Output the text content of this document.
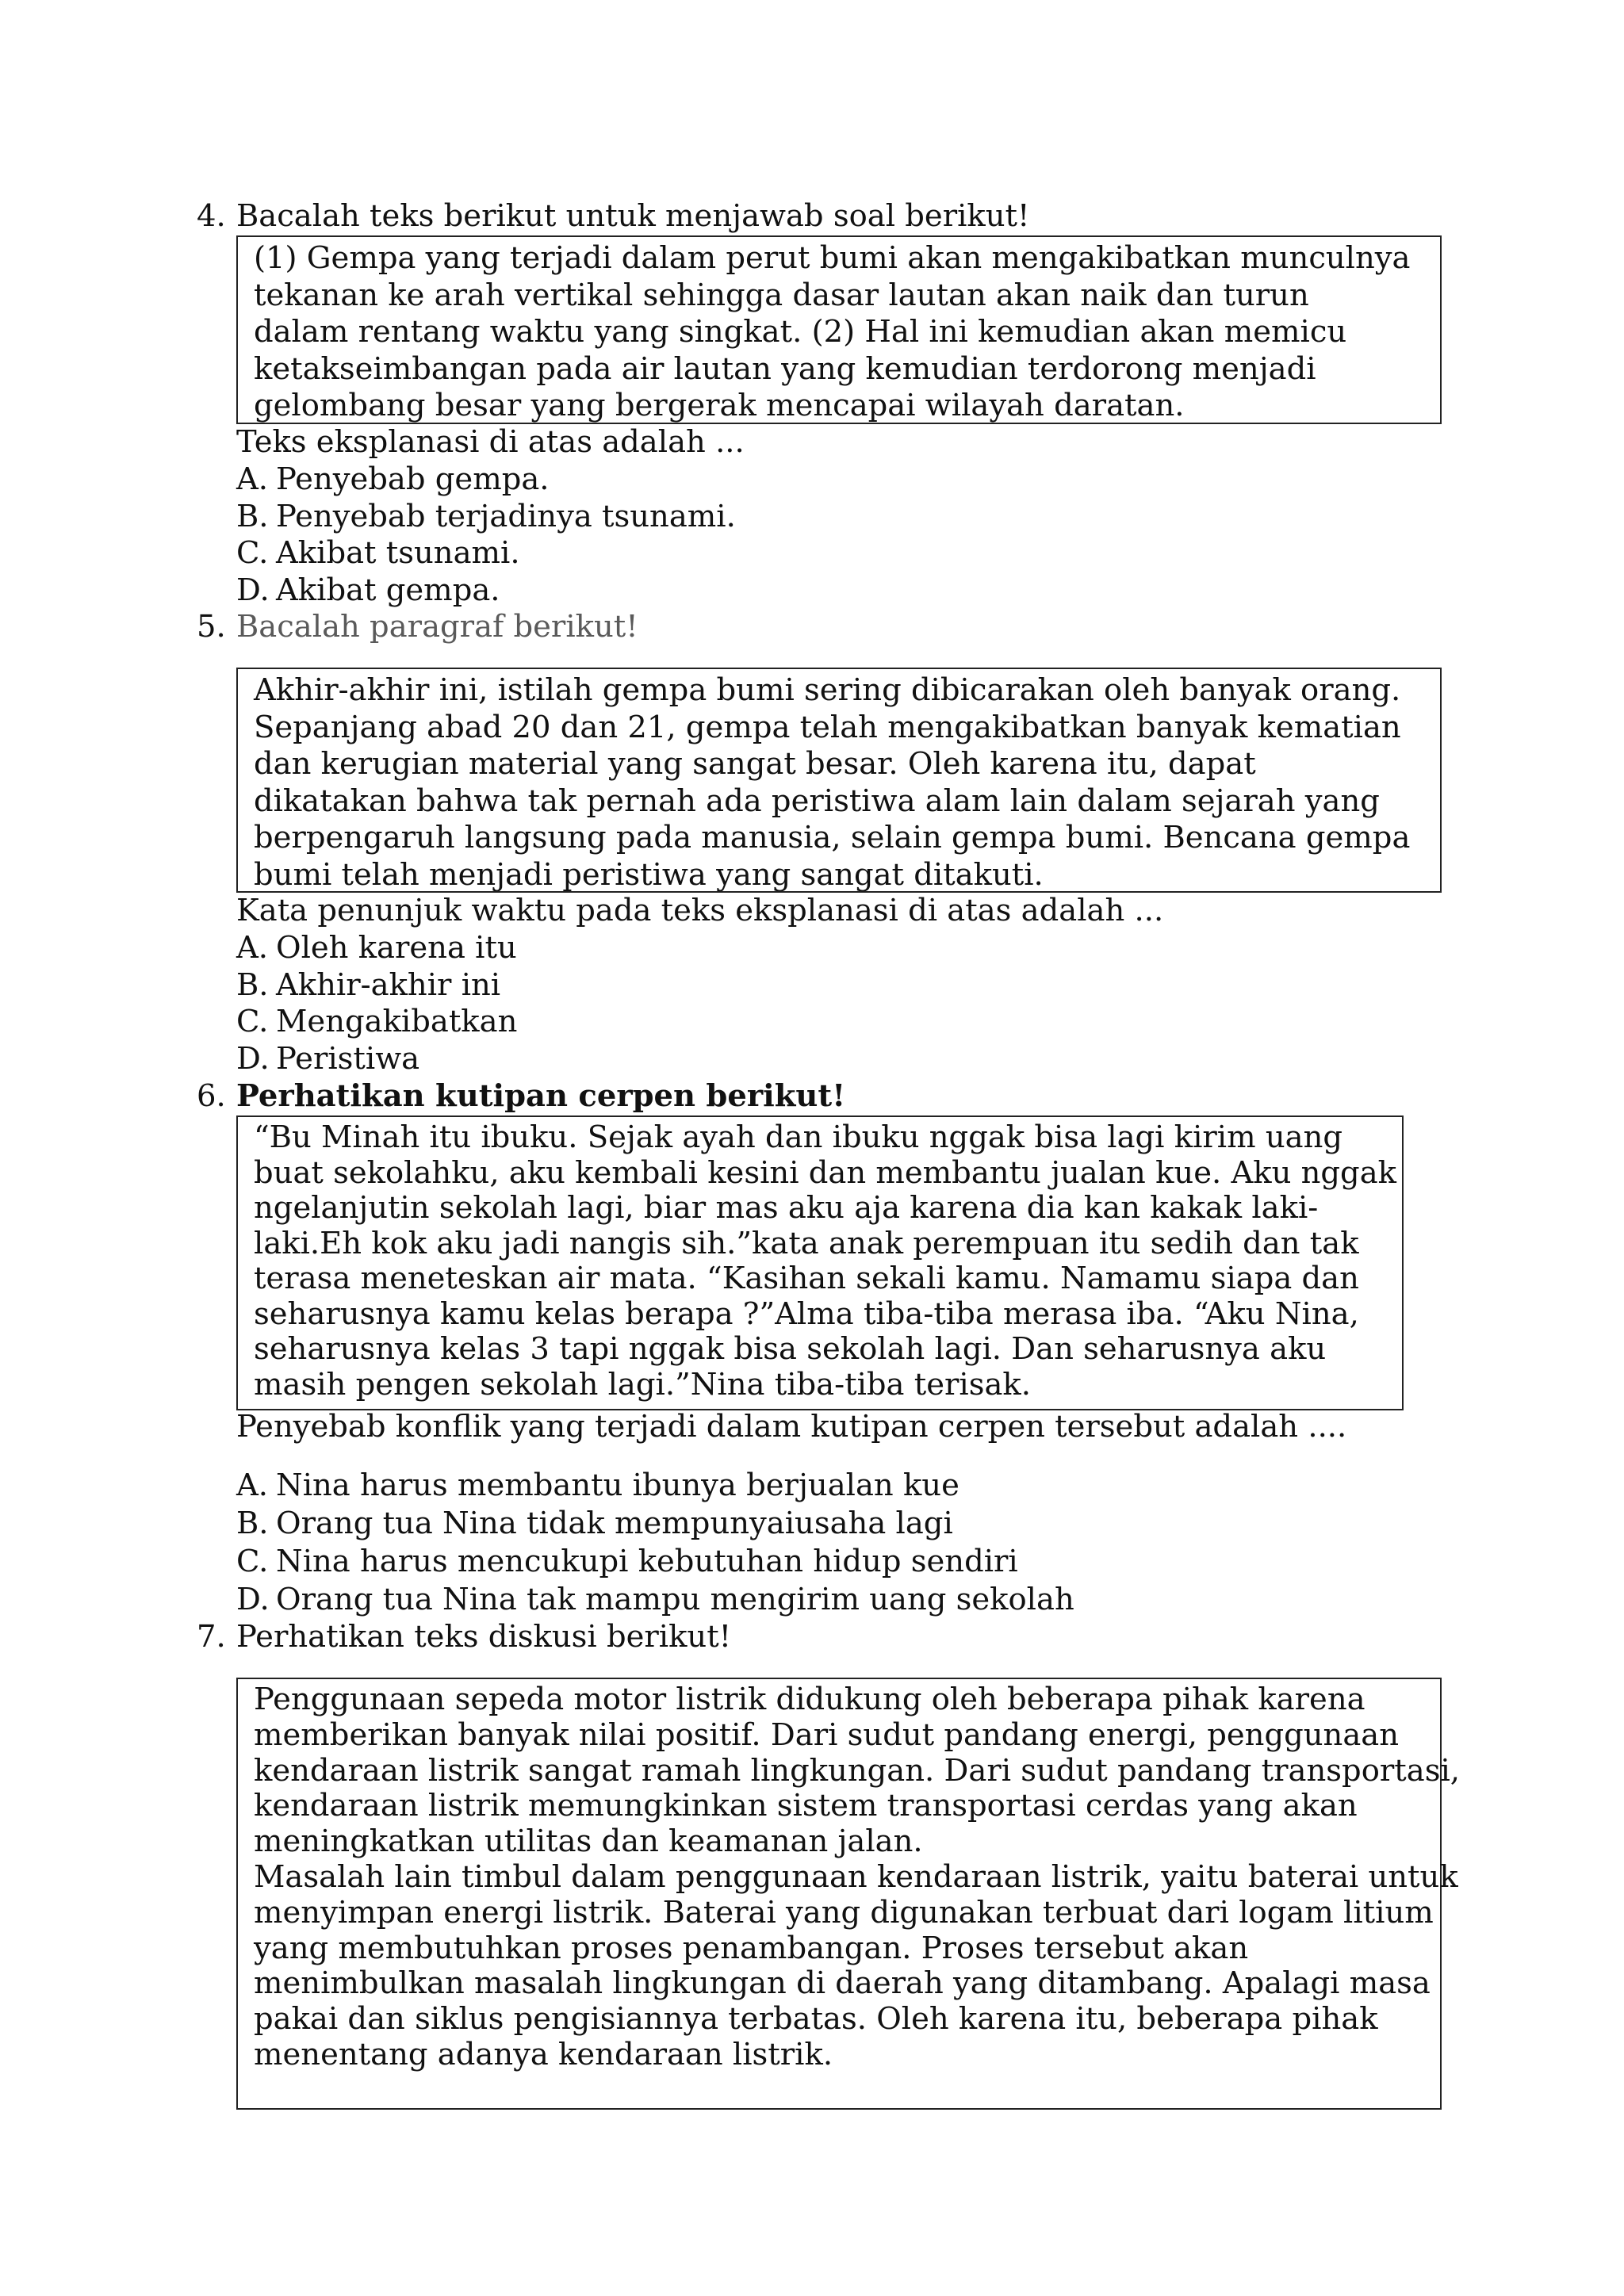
4. Bacalah teks berikut untuk menjawab soal berikut!
(1) Gempa yang terjadi dalam perut bumi akan mengakibatkan munculnya
tekanan ke arah vertikal sehingga dasar lautan akan naik dan turun
dalam rentang waktu yang singkat. (2) Hal ini kemudian akan memicu
ketakseimbangan pada air lautan yang kemudian terdorong menjadi
gelombang besar yang bergerak mencapai wilayah daratan.
Teks eksplanasi di atas adalah ...
A. Penyebab gempa.
B. Penyebab terjadinya tsunami.
C. Akibat tsunami.
D. Akibat gempa.
5. Bacalah paragraf berikut!
Akhir-akhir ini, istilah gempa bumi sering dibicarakan oleh banyak orang.
Sepanjang abad 20 dan 21, gempa telah mengakibatkan banyak kematian
dan kerugian material yang sangat besar. Oleh karena itu, dapat
dikatakan bahwa tak pernah ada peristiwa alam lain dalam sejarah yang
berpengaruh langsung pada manusia, selain gempa bumi. Bencana gempa
bumi telah menjadi peristiwa yang sangat ditakuti.
Kata penunjuk waktu pada teks eksplanasi di atas adalah ...
A. Oleh karena itu
B. Akhir-akhir ini
C. Mengakibatkan
D. Peristiwa
6. Perhatikan kutipan cerpen berikut!
“Bu Minah itu ibuku. Sejak ayah dan ibuku nggak bisa lagi kirim uang
buat sekolahku, aku kembali kesini dan membantu jualan kue. Aku nggak
ngelanjutin sekolah lagi, biar mas aku aja karena dia kan kakak laki-
laki.Eh kok aku jadi nangis sih.”kata anak perempuan itu sedih dan tak
terasa meneteskan air mata. “Kasihan sekali kamu. Namamu siapa dan
seharusnya kamu kelas berapa ?”Alma tiba-tiba merasa iba. “Aku Nina,
seharusnya kelas 3 tapi nggak bisa sekolah lagi. Dan seharusnya aku
masih pengen sekolah lagi.”Nina tiba-tiba terisak.
Penyebab konflik yang terjadi dalam kutipan cerpen tersebut adalah ....
A. Nina harus membantu ibunya berjualan kue
B. Orang tua Nina tidak mempunyaiusaha lagi
C. Nina harus mencukupi kebutuhan hidup sendiri
D. Orang tua Nina tak mampu mengirim uang sekolah
7. Perhatikan teks diskusi berikut!
Penggunaan sepeda motor listrik didukung oleh beberapa pihak karena
memberikan banyak nilai positif. Dari sudut pandang energi, penggunaan
kendaraan listrik sangat ramah lingkungan. Dari sudut pandang transportasi,
kendaraan listrik memungkinkan sistem transportasi cerdas yang akan
meningkatkan utilitas dan keamanan jalan.
Masalah lain timbul dalam penggunaan kendaraan listrik, yaitu baterai untuk
menyimpan energi listrik. Baterai yang digunakan terbuat dari logam litium
yang membutuhkan proses penambangan. Proses tersebut akan
menimbulkan masalah lingkungan di daerah yang ditambang. Apalagi masa
pakai dan siklus pengisiannya terbatas. Oleh karena itu, beberapa pihak
menentang adanya kendaraan listrik.
